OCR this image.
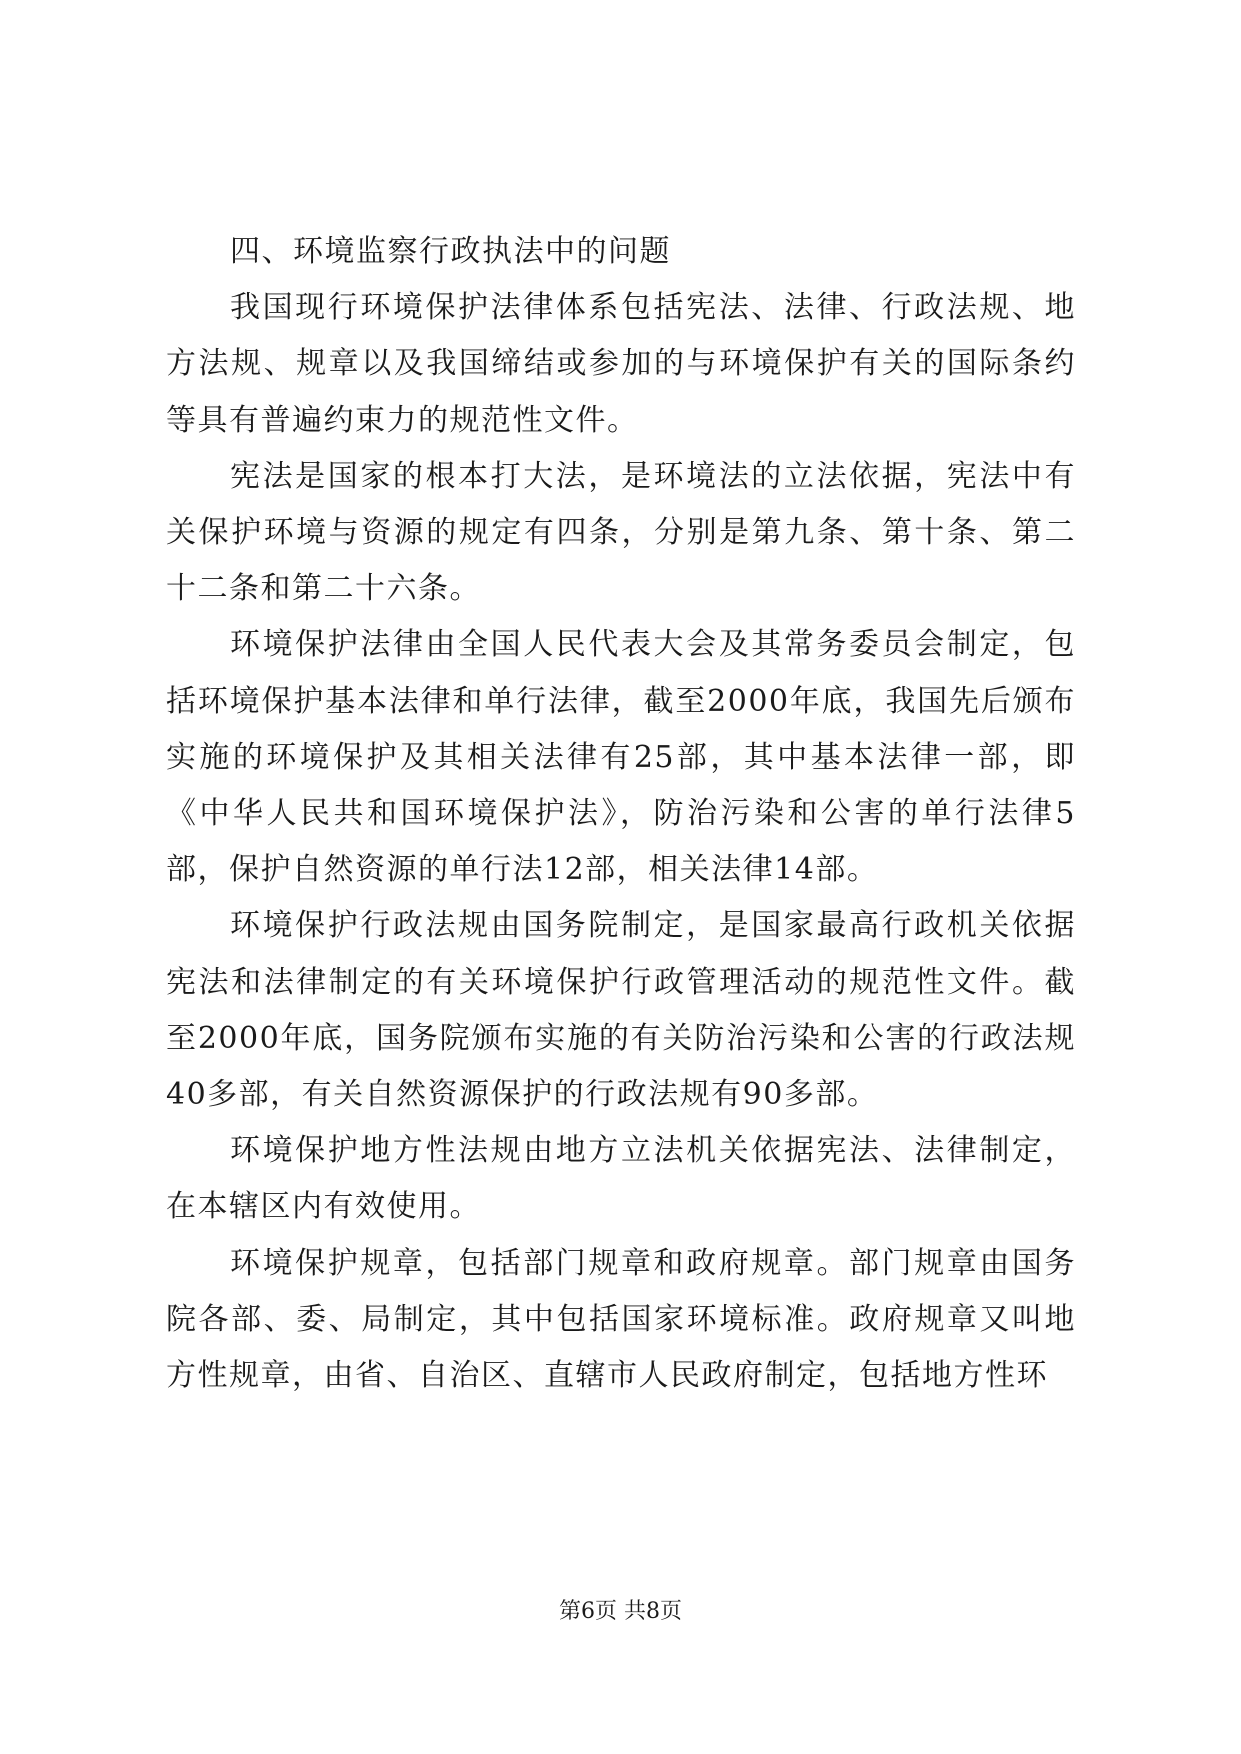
四、环境监察行政执法中的问题

我国现行环境保护法律体系包括宪法、法律、行政法规、地方法规、规章以及我国缔结或参加的与环境保护有关的国际条约等具有普遍约束力的规范性文件。

宪法是国家的根本打大法，是环境法的立法依据，宪法中有关保护环境与资源的规定有四条，分别是第九条、第十条、第二十二条和第二十六条。

环境保护法律由全国人民代表大会及其常务委员会制定，包括环境保护基本法律和单行法律，截至2000年底，我国先后颁布实施的环境保护及其相关法律有25部，其中基本法律一部，即《中华人民共和国环境保护法》，防治污染和公害的单行法律5部，保护自然资源的单行法12部，相关法律14部。

环境保护行政法规由国务院制定，是国家最高行政机关依据宪法和法律制定的有关环境保护行政管理活动的规范性文件。截至2000年底，国务院颁布实施的有关防治污染和公害的行政法规40多部，有关自然资源保护的行政法规有90多部。

环境保护地方性法规由地方立法机关依据宪法、法律制定，在本辖区内有效使用。

环境保护规章，包括部门规章和政府规章。部门规章由国务院各部、委、局制定，其中包括国家环境标准。政府规章又叫地方性规章，由省、自治区、直辖市人民政府制定，包括地方性环

第6页 共8页
